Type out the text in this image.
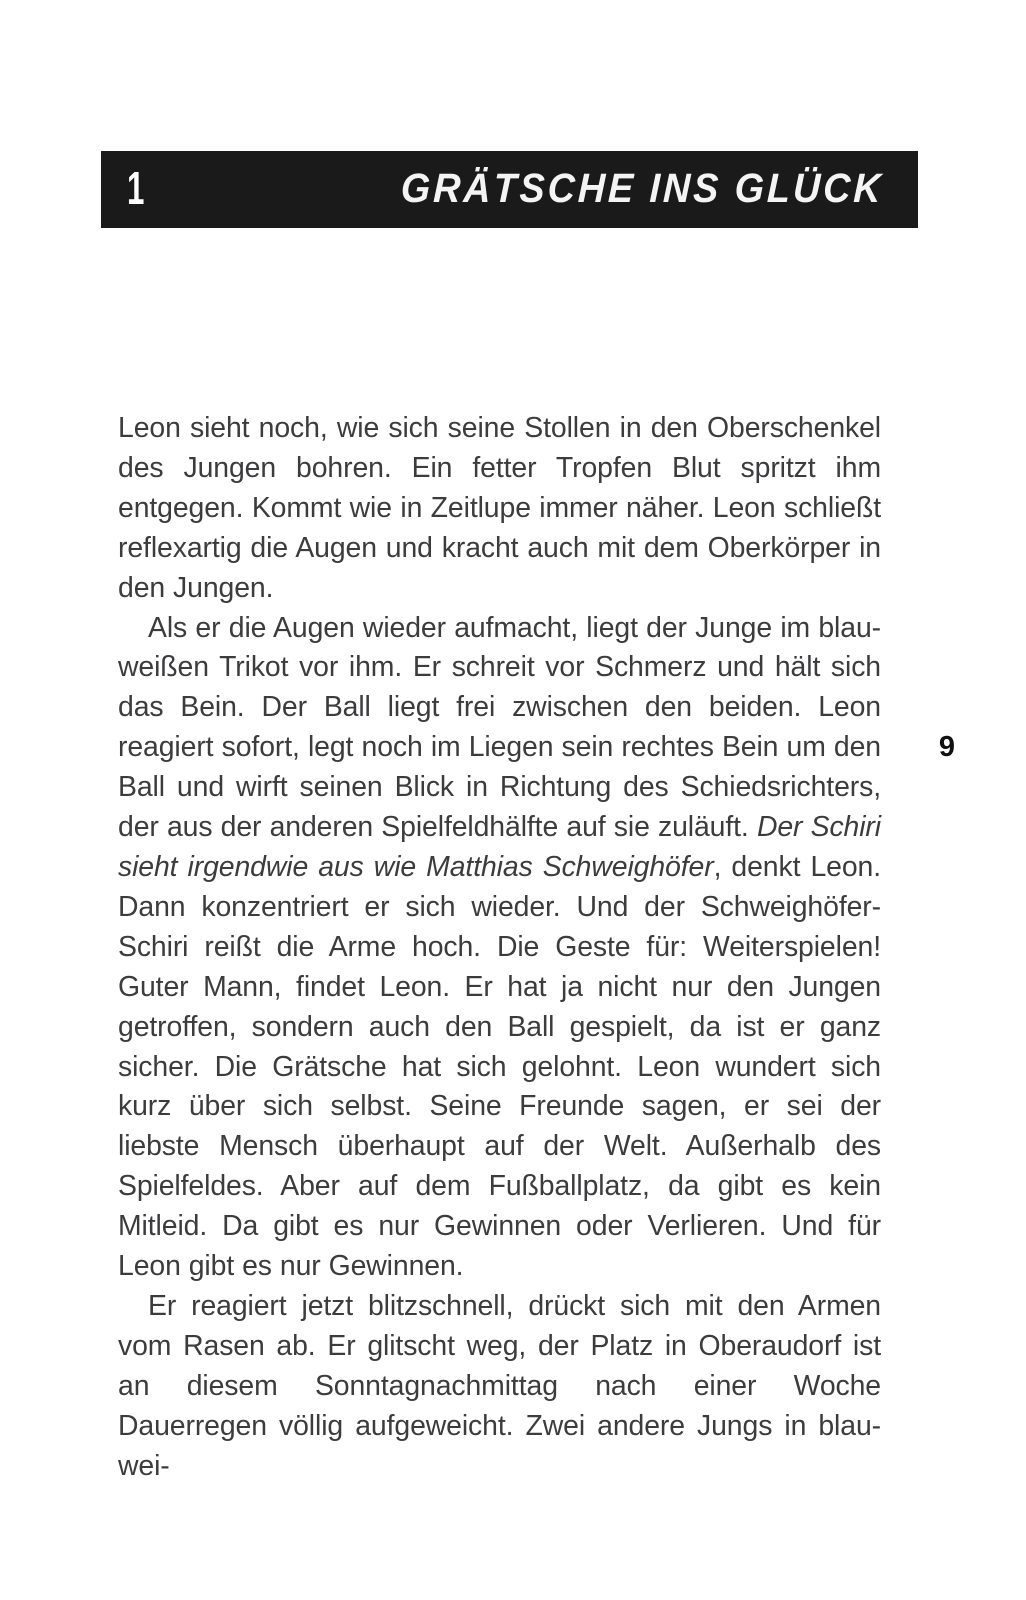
1	GRÄTSCHE INS GLÜCK

Leon sieht noch, wie sich seine Stollen in den Oberschenkel des Jungen bohren. Ein fetter Tropfen Blut spritzt ihm entgegen. Kommt wie in Zeitlupe immer näher. Leon schließt reflexartig die Augen und kracht auch mit dem Oberkörper in den Jungen.

Als er die Augen wieder aufmacht, liegt der Junge im blau-weißen Trikot vor ihm. Er schreit vor Schmerz und hält sich das Bein. Der Ball liegt frei zwischen den beiden. Leon reagiert sofort, legt noch im Liegen sein rechtes Bein um den Ball und wirft seinen Blick in Richtung des Schiedsrichters, der aus der anderen Spielfeldhälfte auf sie zuläuft. Der Schiri sieht irgendwie aus wie Matthias Schweighöfer, denkt Leon. Dann konzentriert er sich wieder. Und der Schweighöfer-Schiri reißt die Arme hoch. Die Geste für: Weiterspielen! Guter Mann, findet Leon. Er hat ja nicht nur den Jungen getroffen, sondern auch den Ball gespielt, da ist er ganz sicher. Die Grätsche hat sich gelohnt. Leon wundert sich kurz über sich selbst. Seine Freunde sagen, er sei der liebste Mensch überhaupt auf der Welt. Außerhalb des Spielfeldes. Aber auf dem Fußballplatz, da gibt es kein Mitleid. Da gibt es nur Gewinnen oder Verlieren. Und für Leon gibt es nur Gewinnen.

Er reagiert jetzt blitzschnell, drückt sich mit den Armen vom Rasen ab. Er glitscht weg, der Platz in Oberaudorf ist an diesem Sonntagnachmittag nach einer Woche Dauerregen völlig aufgeweicht. Zwei andere Jungs in blau-wei-

9
